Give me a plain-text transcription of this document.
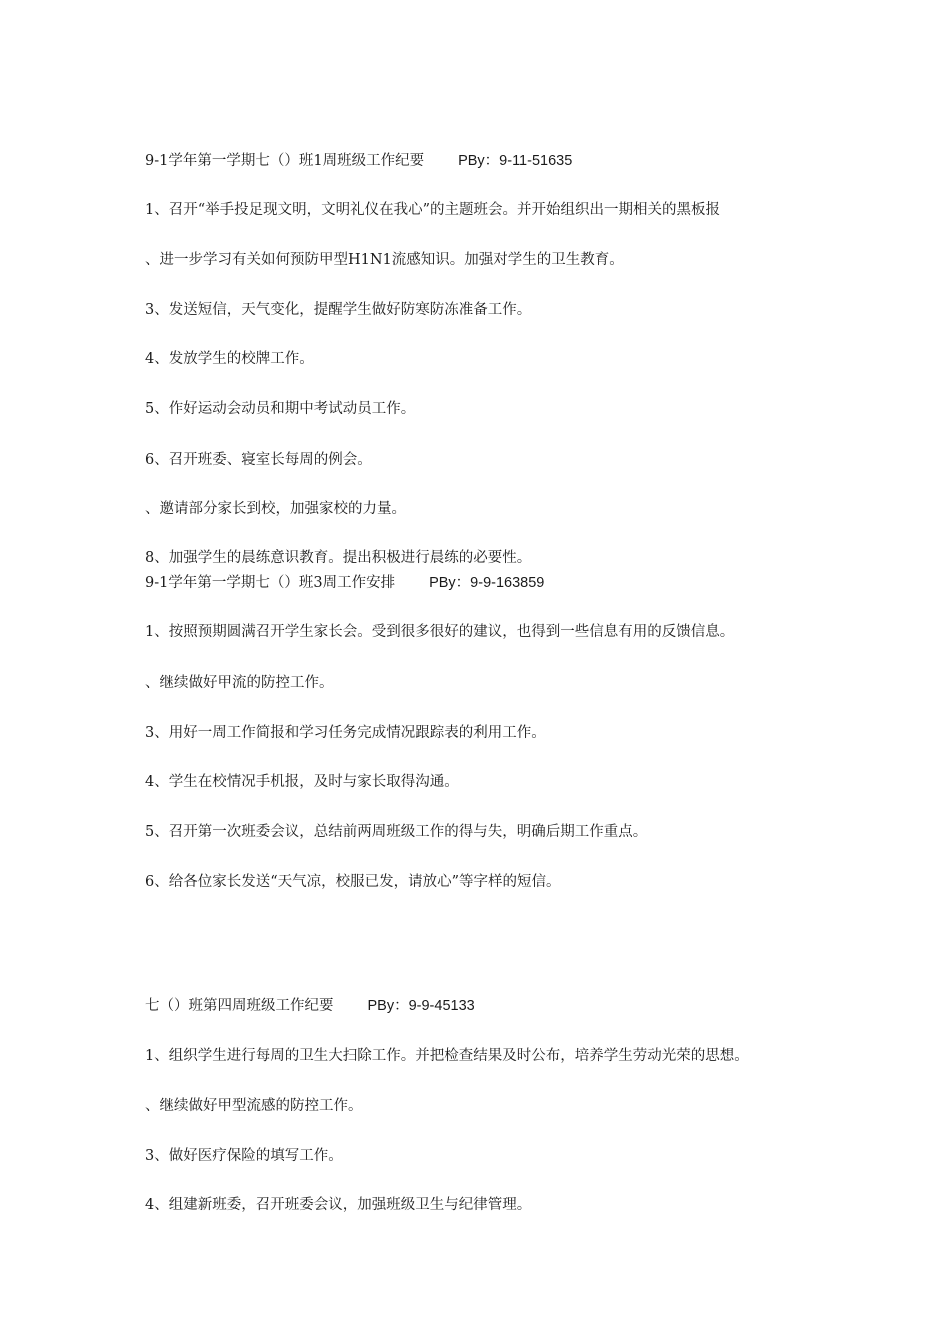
9-1学年第一学期七（）班1周班级工作纪要 PBy：9-11-51635
1、召开“举手投足现文明，文明礼仪在我心”的主题班会。并开始组织出一期相关的黑板报
、进一步学习有关如何预防甲型H1N1流感知识。加强对学生的卫生教育。
3、发送短信，天气变化，提醒学生做好防寒防冻准备工作。
4、发放学生的校牌工作。
5、作好运动会动员和期中考试动员工作。
6、召开班委、寝室长每周的例会。
、邀请部分家长到校，加强家校的力量。
8、加强学生的晨练意识教育。提出积极进行晨练的必要性。
9-1学年第一学期七（）班3周工作安排 PBy：9-9-163859
1、按照预期圆满召开学生家长会。受到很多很好的建议，也得到一些信息有用的反馈信息。
、继续做好甲流的防控工作。
3、用好一周工作简报和学习任务完成情况跟踪表的利用工作。
4、学生在校情况手机报，及时与家长取得沟通。
5、召开第一次班委会议，总结前两周班级工作的得与失，明确后期工作重点。
6、给各位家长发送“天气凉，校服已发，请放心”等字样的短信。
七（）班第四周班级工作纪要 PBy：9-9-45133
1、组织学生进行每周的卫生大扫除工作。并把检查结果及时公布，培养学生劳动光荣的思想。
、继续做好甲型流感的防控工作。
3、做好医疗保险的填写工作。
4、组建新班委，召开班委会议，加强班级卫生与纪律管理。
